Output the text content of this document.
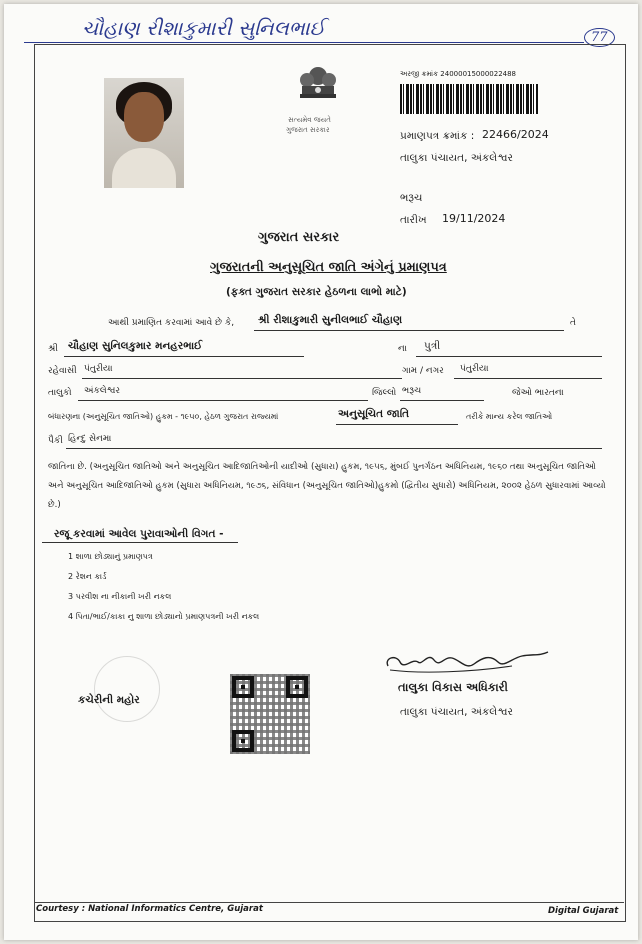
ચૌહાણ રીશાકુમારી સુનિલભાઈ	77
સત્યમેવ જયતે
ગુજરાત સરકાર
અરજી ક્રમાંક 24000015000022488
પ્રમાણપત્ર ક્રમાંક : 22466/2024
તાલુકા પંચાયત, અંકલેશ્વર
ભરૂચ
તારીખ 19/11/2024
ગુજરાત સરકાર
ગુજરાતની અનુસૂચિત જાતિ અંગેનું પ્રમાણપત્ર
(ફક્ત ગુજરાત સરકાર હેઠળના લાભો માટે)
આથી પ્રમાણિત કરવામાં આવે છે કે, શ્રી રીશાકુમારી સુનીલભાઈ ચૌહાણ	તે
શ્રી ચૌહાણ સુનિલકુમાર મનહરભાઈ	ના પુત્રી
રહેવાસી પંતુરીયા	ગામ / નગર પંતુરીયા
તાલુકો અંકલેશ્વર	જિલ્લો ભરૂચ	જેઓ ભારતના
બંધારણના (અનુસૂચિત જાતિઓ) હુકમ - ૧૯૫૦, હેઠળ ગુજરાત રાજ્યમાં	અનુસૂચિત જાતિ	તરીકે માન્ય કરેલ જાતિઓ
પૈકી હિન્દુ સેનમા
જાતિના છે. (અનુસૂચિત જાતિઓ અને અનુસૂચિત આદિજાતિઓની યાદીઓ (સુધારા) હુકમ, ૧૯૫૬, મુંબઈ પુનર્ગઠન અધિનિયમ, ૧૯૬૦ તથા અનુસૂચિત જાતિઓ અને અનુસૂચિત આદિજાતિઓ હુકમ (સુધારા અધિનિયમ, ૧૯૭૬, સંવિધાન (અનુસૂચિત જાતિઓ)હુકમો (દ્વિતીય સુધારો) અધિનિયમ, ૨૦૦૨ હેઠળ સુધારવામાં આવ્યો છે.)
રજૂ કરવામાં આવેલ પુરાવાઓની વિગત -
1 શાળા છોડ્યાનું પ્રમાણપત્ર
2 રેશન કાર્ડ
3 પરવીશ ના નીકાની ખરી નકલ
4 પિતા/ભાઈ/કાકા નુ શાળા છોડ્યાનો પ્રમાણપત્રની ખરી નકલ
કચેરીની મહોર
તાલુકા વિકાસ અધિકારી
તાલુકા પંચાયત, અંકલેશ્વર
Courtesy : National Informatics Centre, Gujarat	Digital Gujarat
